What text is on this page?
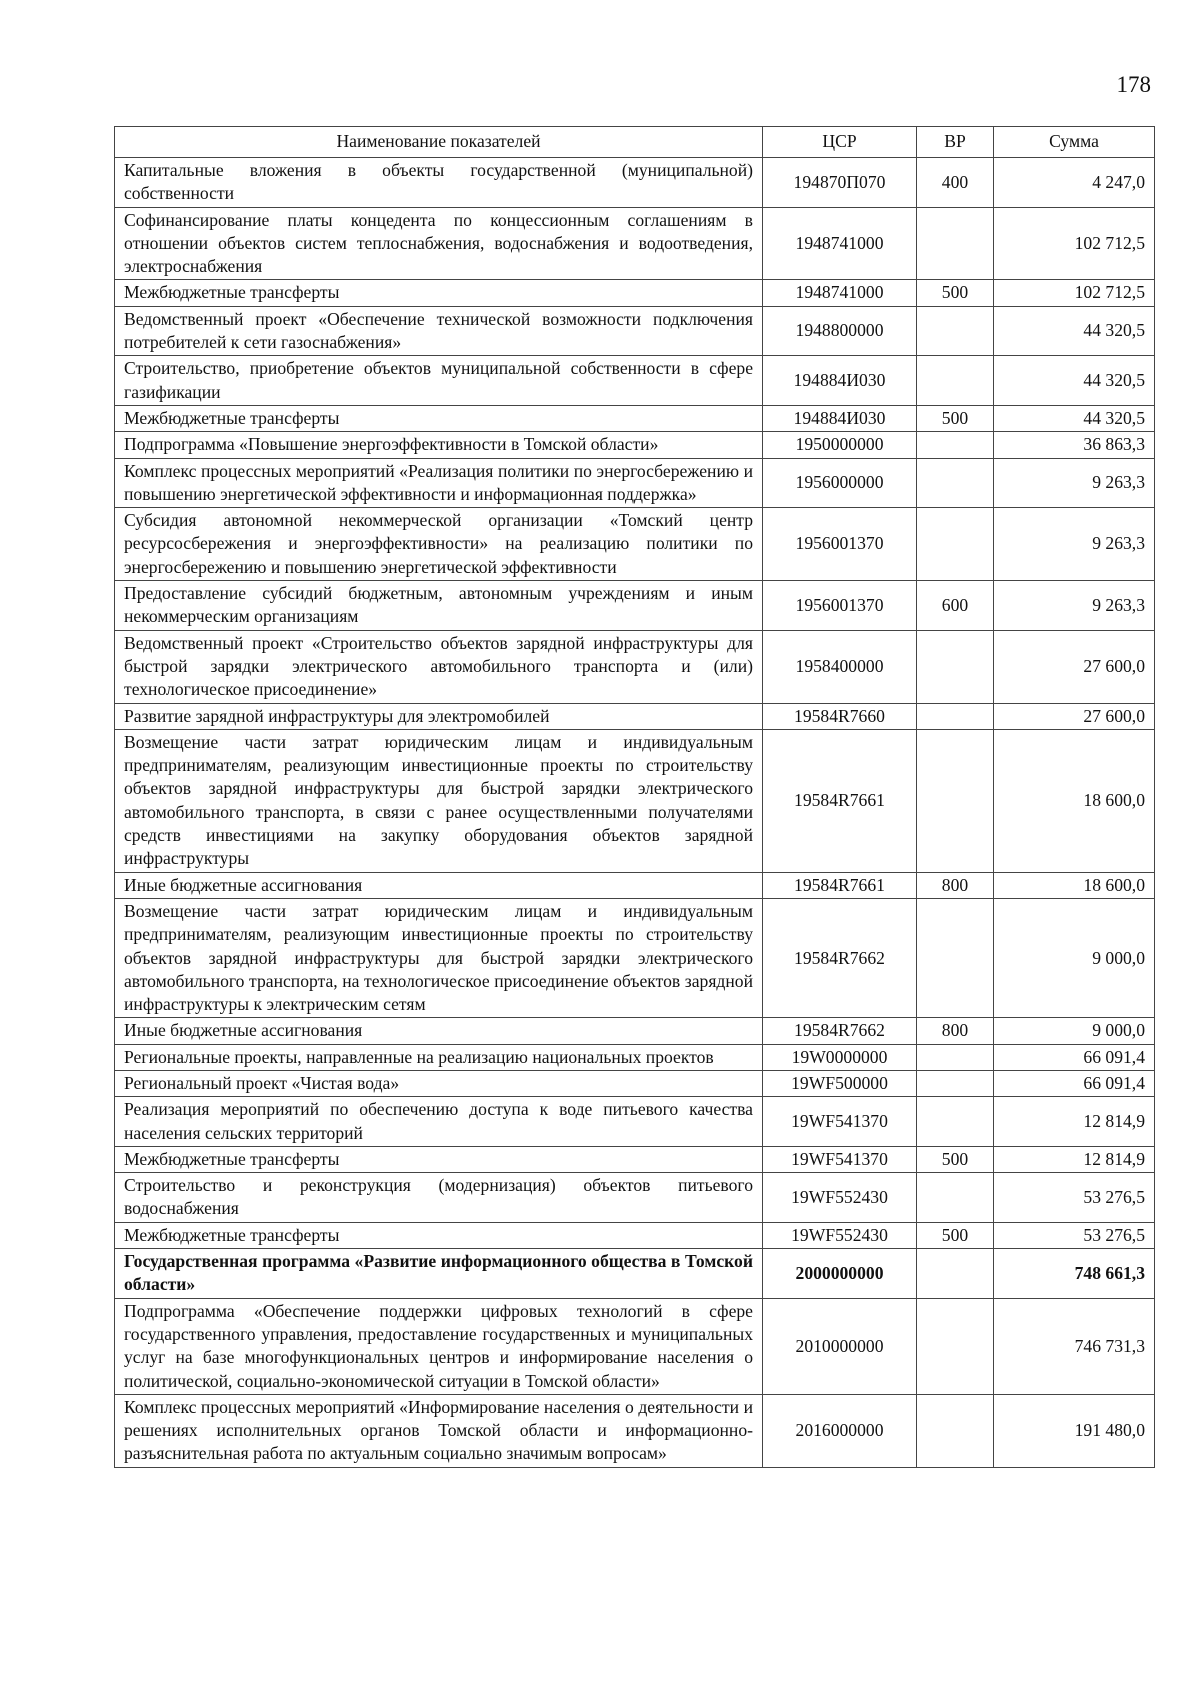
178
Наименование показателей	ЦСР	ВР	Сумма
Капитальные вложения в объекты государственной (муниципальной) собственности	194870П070	400	4 247,0
Софинансирование платы концедента по концессионным соглашениям в отношении объектов систем теплоснабжения, водоснабжения и водоотведения, электроснабжения	1948741000		102 712,5
Межбюджетные трансферты	1948741000	500	102 712,5
Ведомственный проект «Обеспечение технической возможности подключения потребителей к сети газоснабжения»	1948800000		44 320,5
Строительство, приобретение объектов муниципальной собственности в сфере газификации	194884И030		44 320,5
Межбюджетные трансферты	194884И030	500	44 320,5
Подпрограмма «Повышение энергоэффективности в Томской области»	1950000000		36 863,3
Комплекс процессных мероприятий «Реализация политики по энергосбережению и повышению энергетической эффективности и информационная поддержка»	1956000000		9 263,3
Субсидия автономной некоммерческой организации «Томский центр ресурсосбережения и энергоэффективности» на реализацию политики по энергосбережению и повышению энергетической эффективности	1956001370		9 263,3
Предоставление субсидий бюджетным, автономным учреждениям и иным некоммерческим организациям	1956001370	600	9 263,3
Ведомственный проект «Строительство объектов зарядной инфраструктуры для быстрой зарядки электрического автомобильного транспорта и (или) технологическое присоединение»	1958400000		27 600,0
Развитие зарядной инфраструктуры для электромобилей	19584R7660		27 600,0
Возмещение части затрат юридическим лицам и индивидуальным предпринимателям, реализующим инвестиционные проекты по строительству объектов зарядной инфраструктуры для быстрой зарядки электрического автомобильного транспорта, в связи с ранее осуществленными получателями средств инвестициями на закупку оборудования объектов зарядной инфраструктуры	19584R7661		18 600,0
Иные бюджетные ассигнования	19584R7661	800	18 600,0
Возмещение части затрат юридическим лицам и индивидуальным предпринимателям, реализующим инвестиционные проекты по строительству объектов зарядной инфраструктуры для быстрой зарядки электрического автомобильного транспорта, на технологическое присоединение объектов зарядной инфраструктуры к электрическим сетям	19584R7662		9 000,0
Иные бюджетные ассигнования	19584R7662	800	9 000,0
Региональные проекты, направленные на реализацию национальных проектов	19W0000000		66 091,4
Региональный проект «Чистая вода»	19WF500000		66 091,4
Реализация мероприятий по обеспечению доступа к воде питьевого качества населения сельских территорий	19WF541370		12 814,9
Межбюджетные трансферты	19WF541370	500	12 814,9
Строительство и реконструкция (модернизация) объектов питьевого водоснабжения	19WF552430		53 276,5
Межбюджетные трансферты	19WF552430	500	53 276,5
Государственная программа «Развитие информационного общества в Томской области»	2000000000		748 661,3
Подпрограмма «Обеспечение поддержки цифровых технологий в сфере государственного управления, предоставление государственных и муниципальных услуг на базе многофункциональных центров и информирование населения о политической, социально-экономической ситуации в Томской области»	2010000000		746 731,3
Комплекс процессных мероприятий «Информирование населения о деятельности и решениях исполнительных органов Томской области и информационно-разъяснительная работа по актуальным социально значимым вопросам»	2016000000		191 480,0
